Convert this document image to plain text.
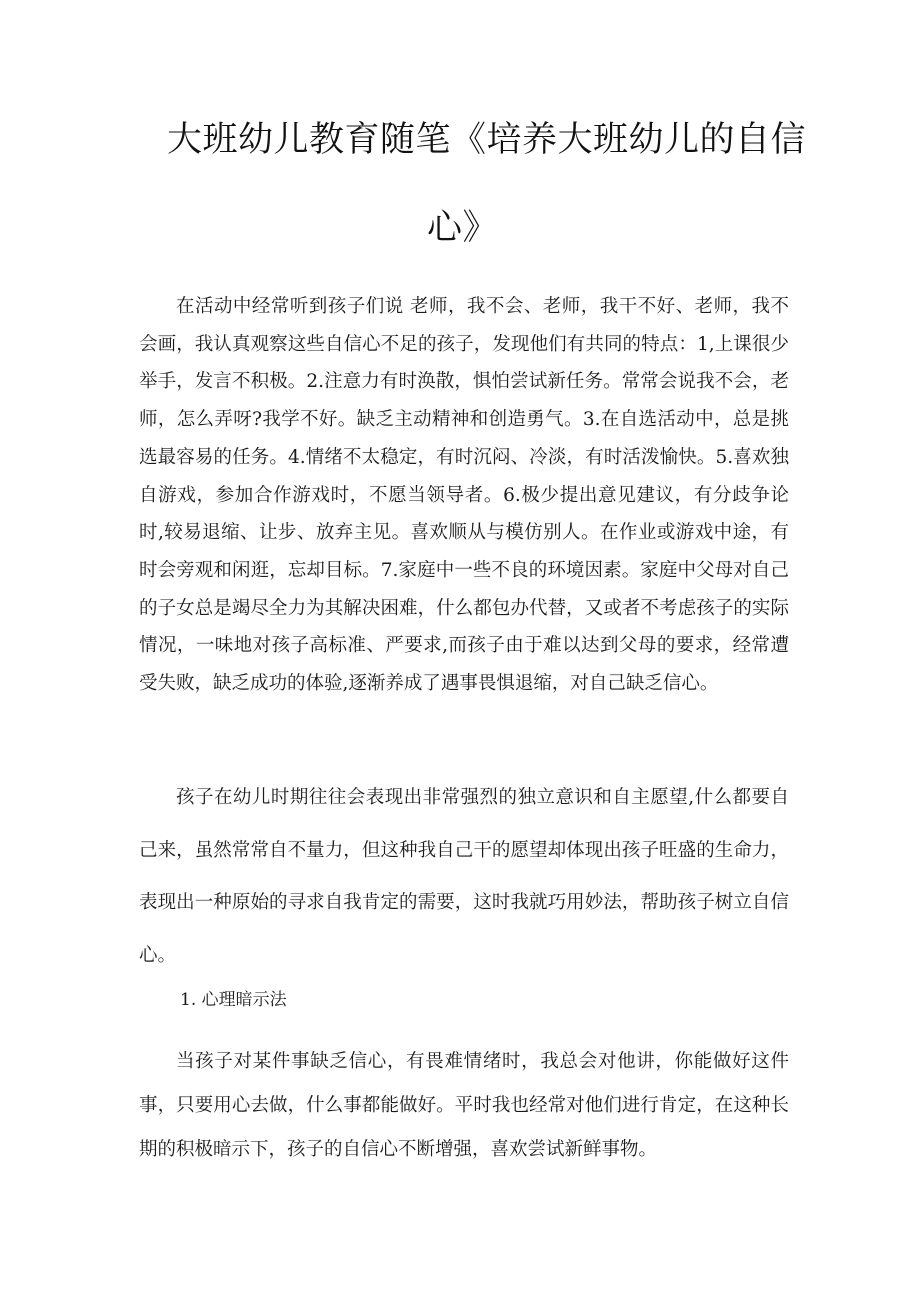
大班幼儿教育随笔《培养大班幼儿的自信
心》

在活动中经常听到孩子们说 老师，我不会、老师，我干不好、老师，我不会画，我认真观察这些自信心不足的孩子，发现他们有共同的特点：1,上课很少举手，发言不积极。2.注意力有时涣散，惧怕尝试新任务。常常会说我不会，老师，怎么弄呀?我学不好。缺乏主动精神和创造勇气。3.在自选活动中，总是挑选最容易的任务。4.情绪不太稳定，有时沉闷、冷淡，有时活泼愉快。5.喜欢独自游戏，参加合作游戏时，不愿当领导者。6.极少提出意见建议，有分歧争论时,较易退缩、让步、放弃主见。喜欢顺从与模仿别人。在作业或游戏中途，有时会旁观和闲逛，忘却目标。7.家庭中一些不良的环境因素。家庭中父母对自己的子女总是竭尽全力为其解决困难，什么都包办代替，又或者不考虑孩子的实际情况，一味地对孩子高标准、严要求,而孩子由于难以达到父母的要求，经常遭受失败，缺乏成功的体验,逐渐养成了遇事畏惧退缩，对自己缺乏信心。

孩子在幼儿时期往往会表现出非常强烈的独立意识和自主愿望,什么都要自己来，虽然常常自不量力，但这种我自己干的愿望却体现出孩子旺盛的生命力，表现出一种原始的寻求自我肯定的需要，这时我就巧用妙法，帮助孩子树立自信心。

1. 心理暗示法

当孩子对某件事缺乏信心，有畏难情绪时，我总会对他讲，你能做好这件事，只要用心去做，什么事都能做好。平时我也经常对他们进行肯定，在这种长期的积极暗示下，孩子的自信心不断增强，喜欢尝试新鲜事物。
